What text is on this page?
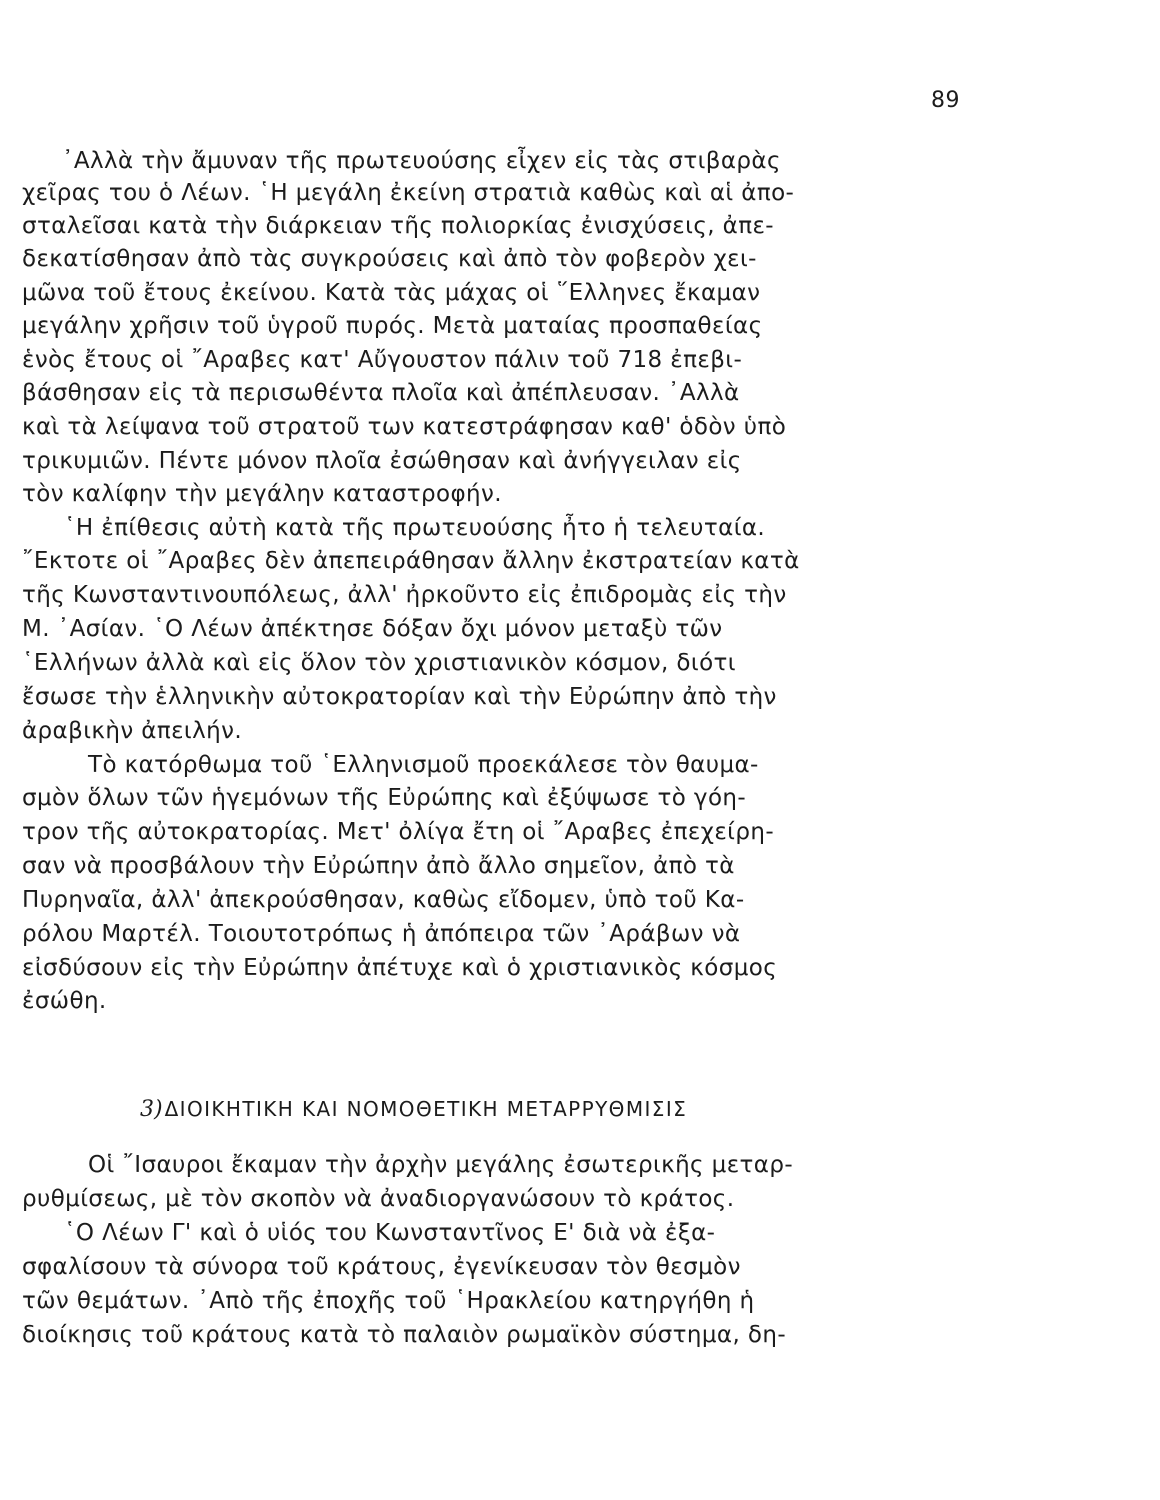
89
᾿Αλλὰ τὴν ἄμυναν τῆς πρωτευούσης εἶχεν εἰς τὰς στιβαρὰς
χεῖρας του ὁ Λέων. ῾Η μεγάλη ἐκείνη στρατιὰ καθὼς καὶ αἱ ἀπο-
σταλεῖσαι κατὰ τὴν διάρκειαν τῆς πολιορκίας ἐνισχύσεις, ἀπε-
δεκατίσθησαν ἀπὸ τὰς συγκρούσεις καὶ ἀπὸ τὸν φοβερὸν χει-
μῶνα τοῦ ἔτους ἐκείνου. Κατὰ τὰς μάχας οἱ ῞Ελληνες ἔκαμαν
μεγάλην χρῆσιν τοῦ ὑγροῦ πυρός. Μετὰ ματαίας προσπαθείας
ἑνὸς ἔτους οἱ ῎Αραβες κατ' Αὔγουστον πάλιν τοῦ 718 ἐπεβι-
βάσθησαν εἰς τὰ περισωθέντα πλοῖα καὶ ἀπέπλευσαν. ᾿Αλλὰ
καὶ τὰ λείψανα τοῦ στρατοῦ των κατεστράφησαν καθ' ὁδὸν ὑπὸ
τρικυμιῶν. Πέντε μόνον πλοῖα ἐσώθησαν καὶ ἀνήγγειλαν εἰς
τὸν καλίφην τὴν μεγάλην καταστροφήν.
῾Η ἐπίθεσις αὐτὴ κατὰ τῆς πρωτευούσης ἦτο ἡ τελευταία.
῎Εκτοτε οἱ ῎Αραβες δὲν ἀπεπειράθησαν ἄλλην ἐκστρατείαν κατὰ
τῆς Κωνσταντινουπόλεως, ἀλλ' ἠρκοῦντο εἰς ἐπιδρομὰς εἰς τὴν
Μ. ᾿Ασίαν. ῾Ο Λέων ἀπέκτησε δόξαν ὄχι μόνον μεταξὺ τῶν
῾Ελλήνων ἀλλὰ καὶ εἰς ὅλον τὸν χριστιανικὸν κόσμον, διότι
ἔσωσε τὴν ἑλληνικὴν αὐτοκρατορίαν καὶ τὴν Εὐρώπην ἀπὸ τὴν
ἀραβικὴν ἀπειλήν.
Τὸ κατόρθωμα τοῦ ῾Ελληνισμοῦ προεκάλεσε τὸν θαυμα-
σμὸν ὅλων τῶν ἡγεμόνων τῆς Εὐρώπης καὶ ἐξύψωσε τὸ γόη-
τρον τῆς αὐτοκρατορίας. Μετ' ὀλίγα ἔτη οἱ ῎Αραβες ἐπεχείρη-
σαν νὰ προσβάλουν τὴν Εὐρώπην ἀπὸ ἄλλο σημεῖον, ἀπὸ τὰ
Πυρηναῖα, ἀλλ' ἀπεκρούσθησαν, καθὼς εἴδομεν, ὑπὸ τοῦ Κα-
ρόλου Μαρτέλ. Τοιουτοτρόπως ἡ ἀπόπειρα τῶν ᾿Αράβων νὰ
εἰσδύσουν εἰς τὴν Εὐρώπην ἀπέτυχε καὶ ὁ χριστιανικὸς κόσμος
ἐσώθη.
3) ΔΙΟΙΚΗΤΙΚΗ ΚΑΙ ΝΟΜΟΘΕΤΙΚΗ ΜΕΤΑΡΡΥΘΜΙΣΙΣ
Οἱ ῎Ισαυροι ἔκαμαν τὴν ἀρχὴν μεγάλης ἐσωτερικῆς μεταρ-
ρυθμίσεως, μὲ τὸν σκοπὸν νὰ ἀναδιοργανώσουν τὸ κράτος.
῾Ο Λέων Γ' καὶ ὁ υἱός του Κωνσταντῖνος Ε' διὰ νὰ ἐξα-
σφαλίσουν τὰ σύνορα τοῦ κράτους, ἐγενίκευσαν τὸν θεσμὸν
τῶν θεμάτων. ᾿Απὸ τῆς ἐποχῆς τοῦ ῾Ηρακλείου κατηργήθη ἡ
διοίκησις τοῦ κράτους κατὰ τὸ παλαιὸν ρωμαϊκὸν σύστημα, δη-
